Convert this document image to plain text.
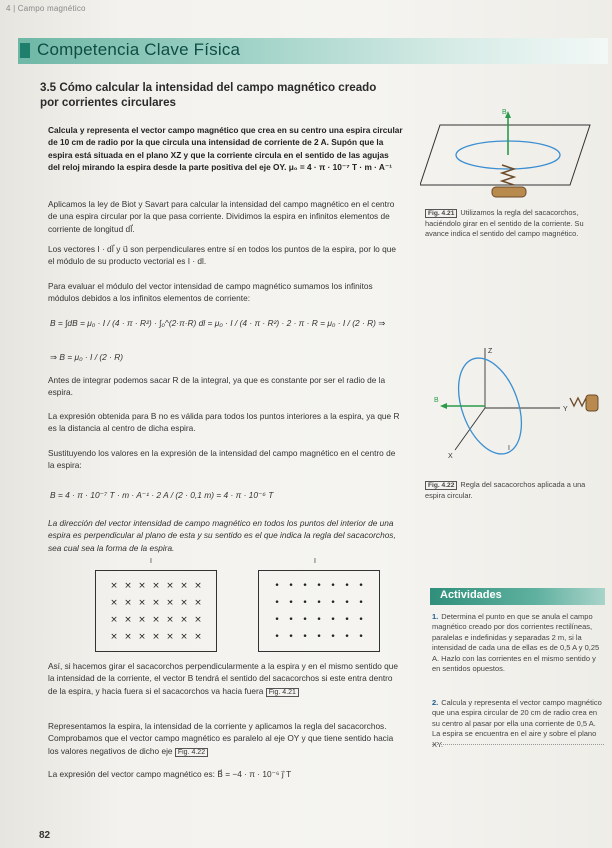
4 | Campo magnético
Competencia Clave Física
3.5 Cómo calcular la intensidad del campo magnético creado por corrientes circulares

Calcula y representa el vector campo magnético que crea en su centro una espira circular de 10 cm de radio por la que circula una intensidad de corriente de 2 A. Supón que la espira está situada en el plano XZ y que la corriente circula en el sentido de las agujas del reloj mirando la espira desde la parte positiva del eje OY. μ₀ = 4 · π · 10⁻⁷ T · m · A⁻¹

Aplicamos la ley de Biot y Savart para calcular la intensidad del campo magnético en el centro de una espira circular por la que pasa corriente. Dividimos la espira en infinitos elementos de corriente de longitud dl⃗.

Los vectores I · dl⃗ y u⃗ son perpendiculares entre sí en todos los puntos de la espira, por lo que el módulo de su producto vectorial es I · dl.

Para evaluar el módulo del vector intensidad de campo magnético sumamos los infinitos módulos debidos a los infinitos elementos de corriente:

B = ∫dB = μ₀ · I / (4 · π · R²) · ∫₀^(2·π·R) dl = μ₀ · I / (4 · π · R²) · 2 · π · R = μ₀ · I / (2 · R) ⇒
⇒ B = μ₀ · I / (2 · R)

Antes de integrar podemos sacar R de la integral, ya que es constante por ser el radio de la espira.

La expresión obtenida para B no es válida para todos los puntos interiores a la espira, ya que R es la distancia al centro de dicha espira.

Sustituyendo los valores en la expresión de la intensidad del campo magnético en el centro de la espira:

B = 4 · π · 10⁻⁷ T · m · A⁻¹ · 2 A / (2 · 0,1 m) = 4 · π · 10⁻⁶ T

La dirección del vector intensidad de campo magnético en todos los puntos del interior de una espira es perpendicular al plano de esta y su sentido es el que indica la regla del sacacorchos, sea cual sea la forma de la espira.

× × × × × × ×
× × × × × × ×
× × × × × × ×
× × × × × × ×
I
• • • • • • •
• • • • • • •
• • • • • • •
• • • • • • •
I

Así, si hacemos girar el sacacorchos perpendicularmente a la espira y en el mismo sentido que la intensidad de la corriente, el vector B tendrá el sentido del sacacorchos si este entra dentro de la espira, y hacia fuera si el sacacorchos va hacia fuera Fig. 4.21

Representamos la espira, la intensidad de la corriente y aplicamos la regla del sacacorchos. Comprobamos que el vector campo magnético es paralelo al eje OY y que tiene sentido hacia los valores negativos de dicho eje Fig. 4.22

La expresión del vector campo magnético es: B⃗ = −4 · π · 10⁻⁶ j⃗ T

B
Fig. 4.21 Utilizamos la regla del sacacorchos, haciéndolo girar en el sentido de la corriente. Su avance indica el sentido del campo magnético.
Z
Y
X
B
I
Fig. 4.22 Regla del sacacorchos aplicada a una espira circular.
Actividades
1. Determina el punto en que se anula el campo magnético creado por dos corrientes rectilíneas, paralelas e indefinidas y separadas 2 m, si la intensidad de cada una de ellas es de 0,5 A y 0,25 A. Hazlo con las corrientes en el mismo sentido y en sentidos opuestos.
2. Calcula y representa el vector campo magnético que una espira circular de 20 cm de radio crea en su centro al pasar por ella una corriente de 0,5 A. La espira se encuentra en el aire y sobre el plano XY.
82
